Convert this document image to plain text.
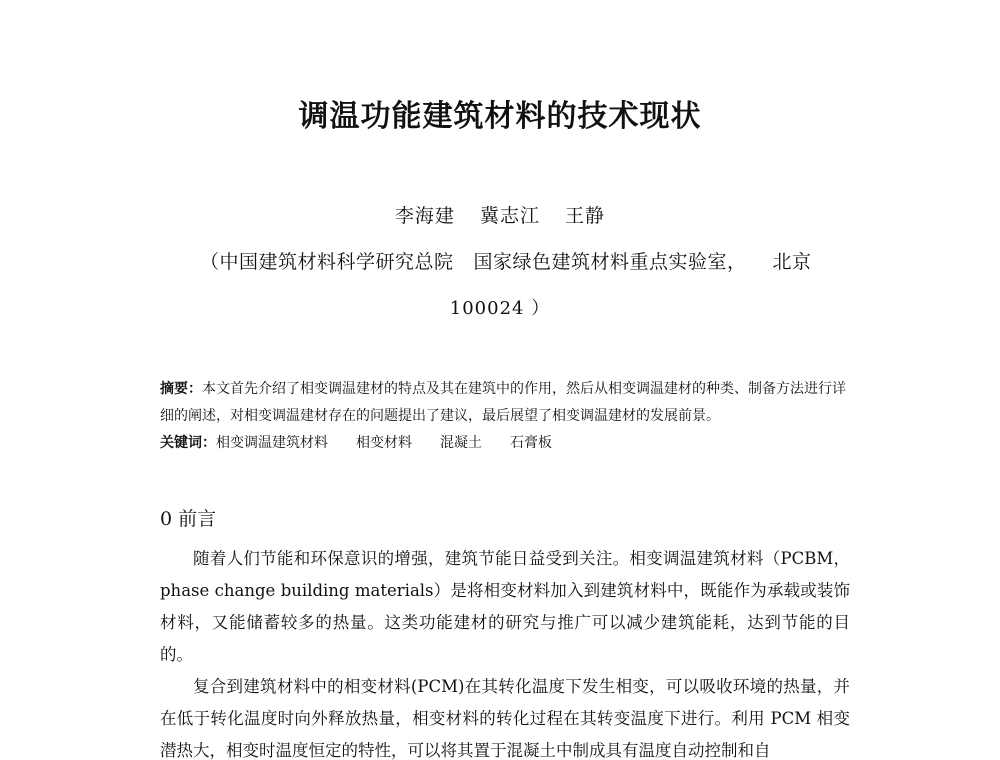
调温功能建筑材料的技术现状
李海建 冀志江 王静
（中国建筑材料科学研究总院 国家绿色建筑材料重点实验室， 北京
100024 ）

摘要：本文首先介绍了相变调温建材的特点及其在建筑中的作用，然后从相变调温建材的种类、制备方法进行详细的阐述，对相变调温建材存在的问题提出了建议，最后展望了相变调温建材的发展前景。

关键词：相变调温建筑材料 相变材料 混凝土 石膏板

0 前言

随着人们节能和环保意识的增强，建筑节能日益受到关注。相变调温建筑材料（PCBM，phase change building materials）是将相变材料加入到建筑材料中，既能作为承载或装饰材料，又能储蓄较多的热量。这类功能建材的研究与推广可以减少建筑能耗，达到节能的目的。

复合到建筑材料中的相变材料(PCM)在其转化温度下发生相变，可以吸收环境的热量，并在低于转化温度时向外释放热量，相变材料的转化过程在其转变温度下进行。利用 PCM 相变潜热大，相变时温度恒定的特性，可以将其置于混凝土中制成具有温度自动控制和自
